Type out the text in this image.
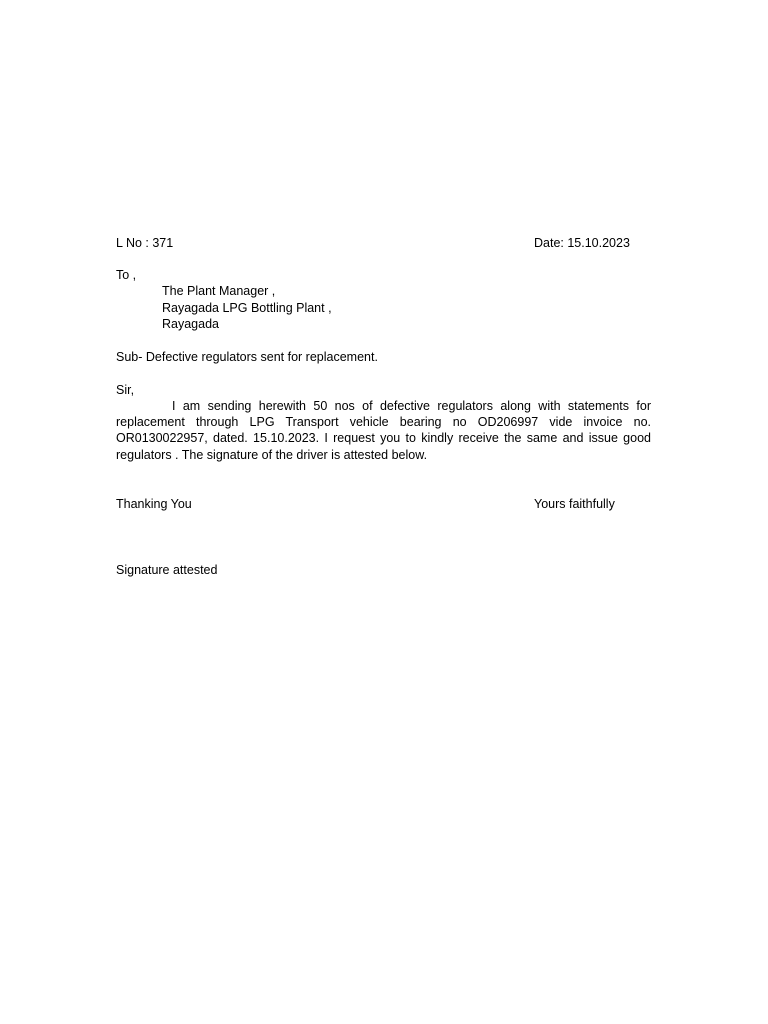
L No : 371	Date: 15.10.2023
To ,
The Plant Manager ,
Rayagada LPG Bottling Plant ,
Rayagada
Sub- Defective regulators sent for replacement.
Sir,
I am sending herewith 50 nos of defective regulators along with statements for replacement through LPG Transport vehicle bearing no OD206997 vide invoice no. OR0130022957, dated. 15.10.2023. I request you to kindly receive the same and issue good regulators . The signature of the driver is attested below.
Thanking You	Yours faithfully
Signature attested
